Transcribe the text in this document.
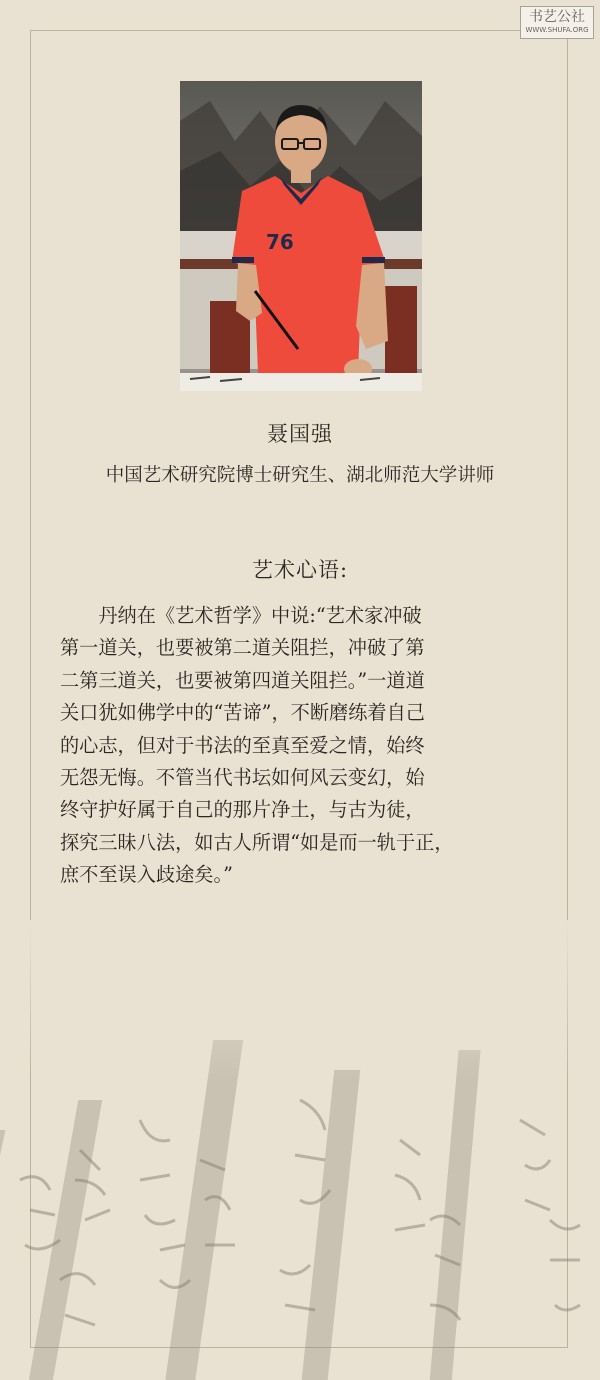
书艺公社
WWW.SHUFA.ORG
76
聂国强
中国艺术研究院博士研究生、湖北师范大学讲师
艺术心语:

　　丹纳在《艺术哲学》中说:“艺术家冲破
第一道关，也要被第二道关阻拦，冲破了第
二第三道关，也要被第四道关阻拦。”一道道
关口犹如佛学中的“苦谛”，不断磨练着自己
的心志，但对于书法的至真至爱之情，始终
无怨无悔。不管当代书坛如何风云变幻，始
终守护好属于自己的那片净土，与古为徒，
探究三昧八法，如古人所谓“如是而一轨于正，
庶不至误入歧途矣。”
